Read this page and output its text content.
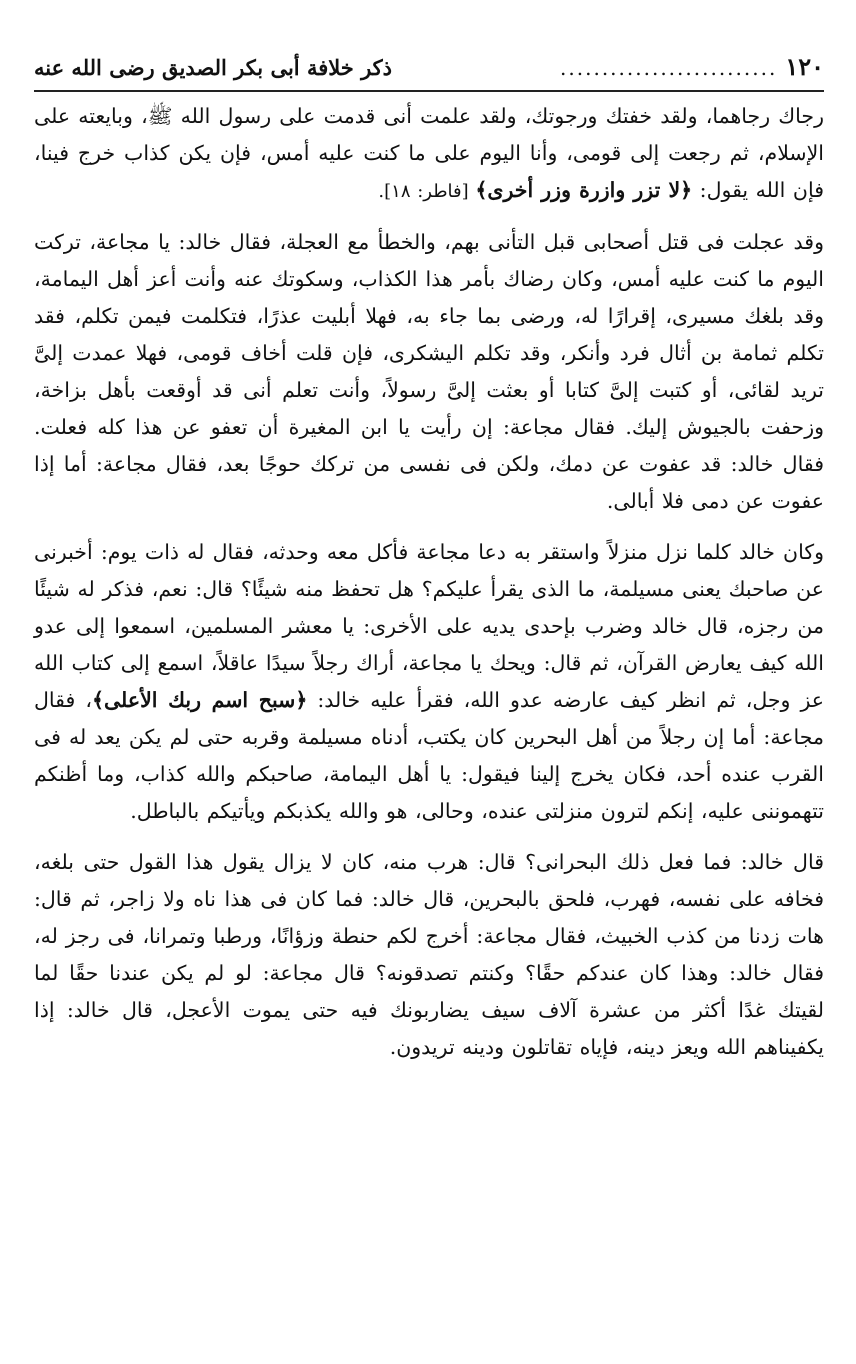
١٢٠
..........................
ذكر خلافة أبى بكر الصديق رضى الله عنه

رجاك رجاهما، ولقد خفتك ورجوتك، ولقد علمت أنى قدمت على رسول الله ﷺ، وبايعته على الإسلام، ثم رجعت إلى قومى، وأنا اليوم على ما كنت عليه أمس، فإن يكن كذاب خرج فينا، فإن الله يقول: ﴿لا تزر وازرة وزر أخرى﴾ [فاطر: ١٨].

وقد عجلت فى قتل أصحابى قبل التأنى بهم، والخطأ مع العجلة، فقال خالد: يا مجاعة، تركت اليوم ما كنت عليه أمس، وكان رضاك بأمر هذا الكذاب، وسكوتك عنه وأنت أعز أهل اليمامة، وقد بلغك مسيرى، إقرارًا له، ورضى بما جاء به، فهلا أبليت عذرًا، فتكلمت فيمن تكلم، فقد تكلم ثمامة بن أثال فرد وأنكر، وقد تكلم اليشكرى، فإن قلت أخاف قومى، فهلا عمدت إلىَّ تريد لقائى، أو كتبت إلىَّ كتابا أو بعثت إلىَّ رسولاً، وأنت تعلم أنى قد أوقعت بأهل بزاخة، وزحفت بالجيوش إليك. فقال مجاعة: إن رأيت يا ابن المغيرة أن تعفو عن هذا كله فعلت. فقال خالد: قد عفوت عن دمك، ولكن فى نفسى من تركك حوجًا بعد، فقال مجاعة: أما إذا عفوت عن دمى فلا أبالى.

وكان خالد كلما نزل منزلاً واستقر به دعا مجاعة فأكل معه وحدثه، فقال له ذات يوم: أخبرنى عن صاحبك يعنى مسيلمة، ما الذى يقرأ عليكم؟ هل تحفظ منه شيئًا؟ قال: نعم، فذكر له شيئًا من رجزه، قال خالد وضرب بإحدى يديه على الأخرى: يا معشر المسلمين، اسمعوا إلى عدو الله كيف يعارض القرآن، ثم قال: ويحك يا مجاعة، أراك رجلاً سيدًا عاقلاً، اسمع إلى كتاب الله عز وجل، ثم انظر كيف عارضه عدو الله، فقرأ عليه خالد: ﴿سبح اسم ربك الأعلى﴾، فقال مجاعة: أما إن رجلاً من أهل البحرين كان يكتب، أدناه مسيلمة وقربه حتى لم يكن يعد له فى القرب عنده أحد، فكان يخرج إلينا فيقول: يا أهل اليمامة، صاحبكم والله كذاب، وما أظنكم تتهموننى عليه، إنكم لترون منزلتى عنده، وحالى، هو والله يكذبكم ويأتيكم بالباطل.

قال خالد: فما فعل ذلك البحرانى؟ قال: هرب منه، كان لا يزال يقول هذا القول حتى بلغه، فخافه على نفسه، فهرب، فلحق بالبحرين، قال خالد: فما كان فى هذا ناه ولا زاجر، ثم قال: هات زدنا من كذب الخبيث، فقال مجاعة: أخرج لكم حنطة وزؤانًا، ورطبا وتمرانا، فى رجز له، فقال خالد: وهذا كان عندكم حقًا؟ وكنتم تصدقونه؟ قال مجاعة: لو لم يكن عندنا حقًا لما لقيتك غدًا أكثر من عشرة آلاف سيف يضاربونك فيه حتى يموت الأعجل، قال خالد: إذا يكفيناهم الله ويعز دينه، فإياه تقاتلون ودينه تريدون.
